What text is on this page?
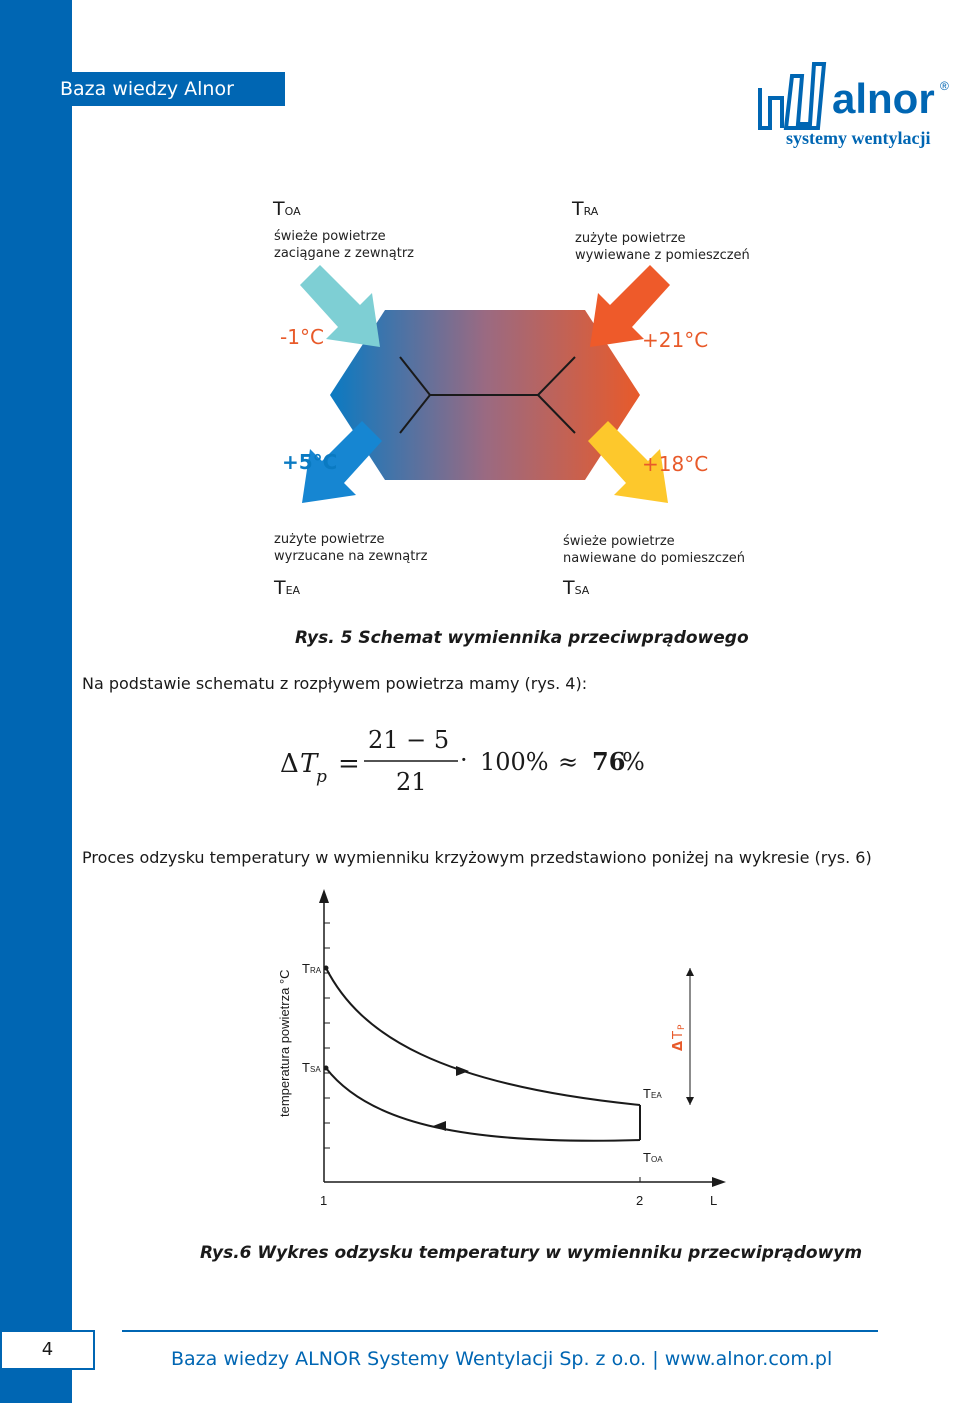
Baza wiedzy Alnor	alnor ®
systemy wentylacji
TOA
świeże powietrze
zaciągane z zewnątrz
TRA
zużyte powietrze
wywiewane z pomieszczeń
-1°C	+21°C
+5°C	+18°C
zużyte powietrze
wyrzucane na zewnątrz
TEA
świeże powietrze
nawiewane do pomieszczeń
TSA
Rys. 5 Schemat wymiennika przeciwprądowego
Na podstawie schematu z rozpływem powietrza mamy (rys. 4):
Δ T
p =
21 − 5
21
· 100% ≈ 76
%
Proces odzysku temperatury w wymienniku krzyżowym przedstawiono poniżej na wykresie (rys. 6)
Δ
T
P
T RA
T SA
T EA
T OA
1	2	L
temperatura powietrza °C
Rys.6 Wykres odzysku temperatury w wymienniku przecwiprądowym
4	Baza wiedzy ALNOR Systemy Wentylacji Sp. z o.o. | www.alnor.com.pl
